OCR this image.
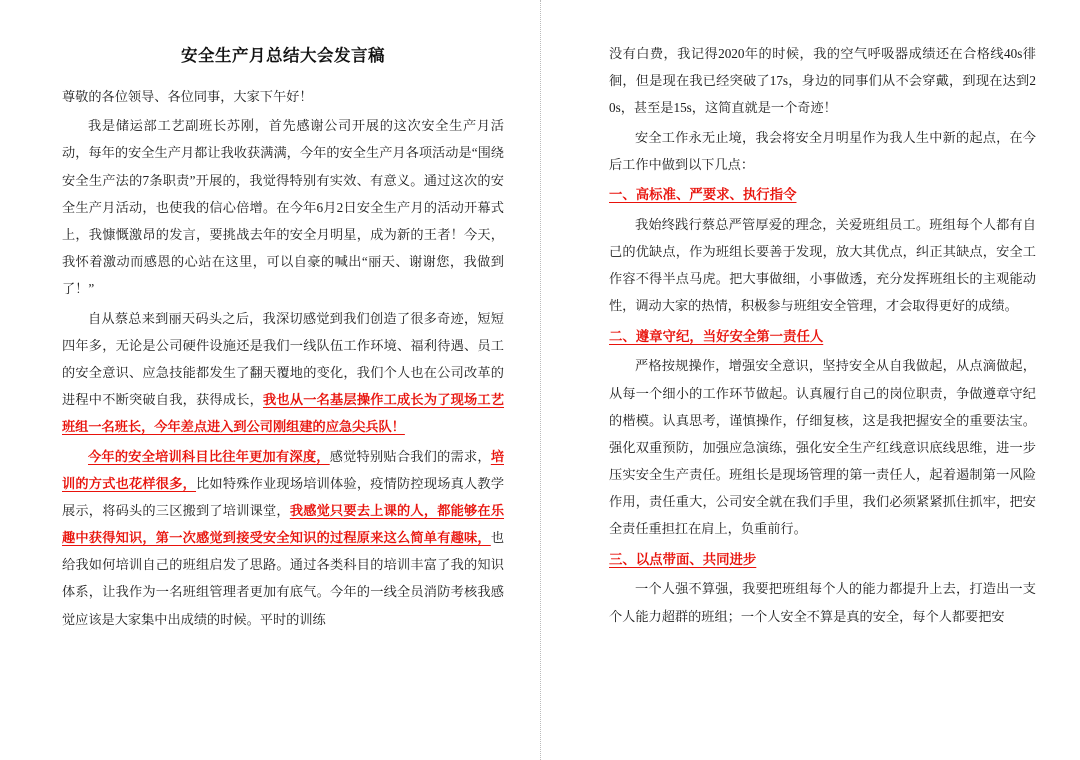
安全生产月总结大会发言稿

尊敬的各位领导、各位同事，大家下午好！

我是储运部工艺副班长苏刚，首先感谢公司开展的这次安全生产月活动，每年的安全生产月都让我收获满满，今年的安全生产月各项活动是“围绕安全生产法的7条职责”开展的，我觉得特别有实效、有意义。通过这次的安全生产月活动，也使我的信心倍增。在今年6月2日安全生产月的活动开幕式上，我慷慨激昂的发言，要挑战去年的安全月明星，成为新的王者！今天，我怀着激动而感恩的心站在这里，可以自豪的喊出“丽天、谢谢您，我做到了！”

自从蔡总来到丽天码头之后，我深切感觉到我们创造了很多奇迹，短短四年多，无论是公司硬件设施还是我们一线队伍工作环境、福利待遇、员工的安全意识、应急技能都发生了翻天覆地的变化，我们个人也在公司改革的进程中不断突破自我，获得成长，我也从一名基层操作工成长为了现场工艺班组一名班长，今年差点进入到公司刚组建的应急尖兵队！

今年的安全培训科目比往年更加有深度，感觉特别贴合我们的需求，培训的方式也花样很多，比如特殊作业现场培训体验，疫情防控现场真人教学展示，将码头的三区搬到了培训课堂，我感觉只要去上课的人，都能够在乐趣中获得知识，第一次感觉到接受安全知识的过程原来这么简单有趣味，也给我如何培训自己的班组启发了思路。通过各类科目的培训丰富了我的知识体系，让我作为一名班组管理者更加有底气。今年的一线全员消防考核我感觉应该是大家集中出成绩的时候。平时的训练

没有白费，我记得2020年的时候，我的空气呼吸器成绩还在合格线40s徘徊，但是现在我已经突破了17s，身边的同事们从不会穿戴，到现在达到20s，甚至是15s，这简直就是一个奇迹！

安全工作永无止境，我会将安全月明星作为我人生中新的起点，在今后工作中做到以下几点：

一、高标准、严要求、执行指令

我始终践行蔡总严管厚爱的理念，关爱班组员工。班组每个人都有自己的优缺点，作为班组长要善于发现，放大其优点，纠正其缺点，安全工作容不得半点马虎。把大事做细，小事做透，充分发挥班组长的主观能动性，调动大家的热情，积极参与班组安全管理，才会取得更好的成绩。

二、遵章守纪，当好安全第一责任人

严格按规操作，增强安全意识，坚持安全从自我做起，从点滴做起，从每一个细小的工作环节做起。认真履行自己的岗位职责，争做遵章守纪的楷模。认真思考，谨慎操作，仔细复核，这是我把握安全的重要法宝。强化双重预防，加强应急演练，强化安全生产红线意识底线思维，进一步压实安全生产责任。班组长是现场管理的第一责任人，起着遏制第一风险作用，责任重大，公司安全就在我们手里，我们必须紧紧抓住抓牢，把安全责任重担扛在肩上，负重前行。

三、以点带面、共同进步

一个人强不算强，我要把班组每个人的能力都提升上去，打造出一支个人能力超群的班组；一个人安全不算是真的安全，每个人都要把安
